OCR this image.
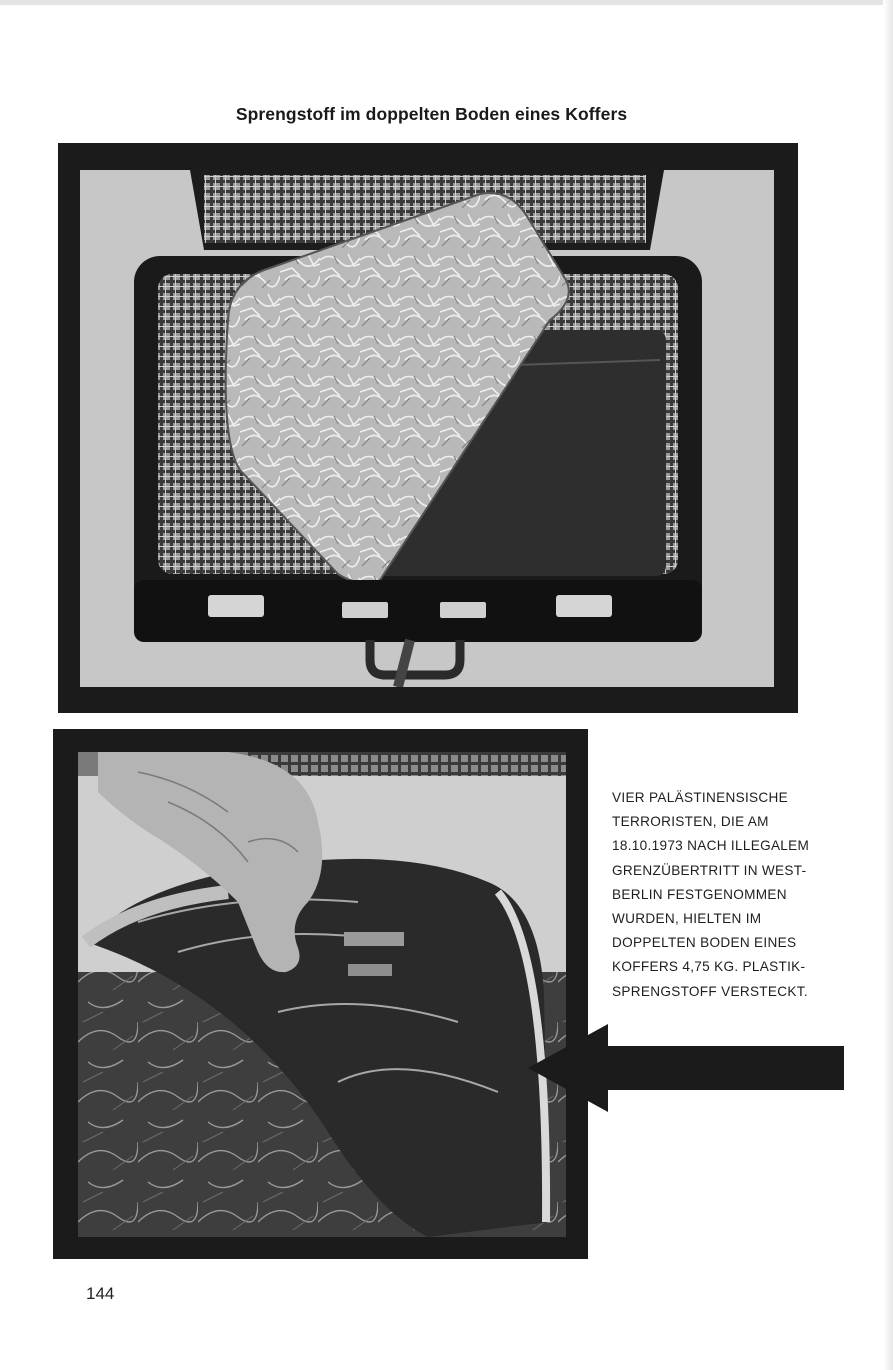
Sprengstoff im doppelten Boden eines Koffers
VIER PALÄSTINENSISCHE
TERRORISTEN, DIE AM
18.10.1973 NACH ILLEGALEM
GRENZÜBERTRITT IN WEST-
BERLIN FESTGENOMMEN
WURDEN, HIELTEN IM
DOPPELTEN BODEN EINES
KOFFERS 4,75 KG. PLASTIK-
SPRENGSTOFF VERSTECKT.
144
